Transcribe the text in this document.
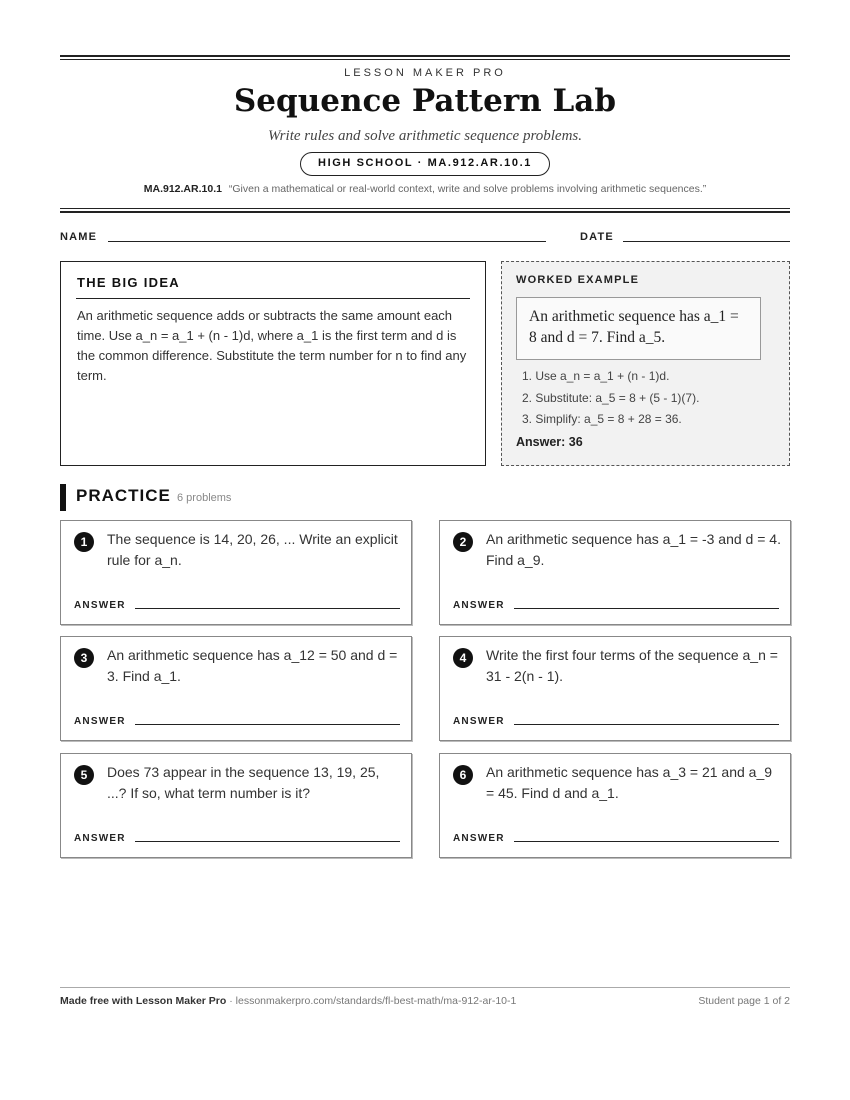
LESSON MAKER PRO
Sequence Pattern Lab
Write rules and solve arithmetic sequence problems.
HIGH SCHOOL · MA.912.AR.10.1
MA.912.AR.10.1 “Given a mathematical or real-world context, write and solve problems involving arithmetic sequences.”
NAME	DATE
THE BIG IDEA
An arithmetic sequence adds or subtracts the same amount each time. Use a_n = a_1 + (n - 1)d, where a_1 is the first term and d is the common difference. Substitute the term number for n to find any term.
WORKED EXAMPLE
An arithmetic sequence has a_1 = 8 and d = 7. Find a_5.
1. Use a_n = a_1 + (n - 1)d.
2. Substitute: a_5 = 8 + (5 - 1)(7).
3. Simplify: a_5 = 8 + 28 = 36.
Answer: 36
PRACTICE 6 problems
1	The sequence is 14, 20, 26, ... Write an explicit rule for a_n.
ANSWER
2	An arithmetic sequence has a_1 = -3 and d = 4. Find a_9.
ANSWER
3	An arithmetic sequence has a_12 = 50 and d = 3. Find a_1.
ANSWER
4	Write the first four terms of the sequence a_n = 31 - 2(n - 1).
ANSWER
5	Does 73 appear in the sequence 13, 19, 25, ...? If so, what term number is it?
ANSWER
6	An arithmetic sequence has a_3 = 21 and a_9 = 45. Find d and a_1.
ANSWER
Made free with Lesson Maker Pro · lessonmakerpro.com/standards/fl-best-math/ma-912-ar-10-1	Student page 1 of 2
